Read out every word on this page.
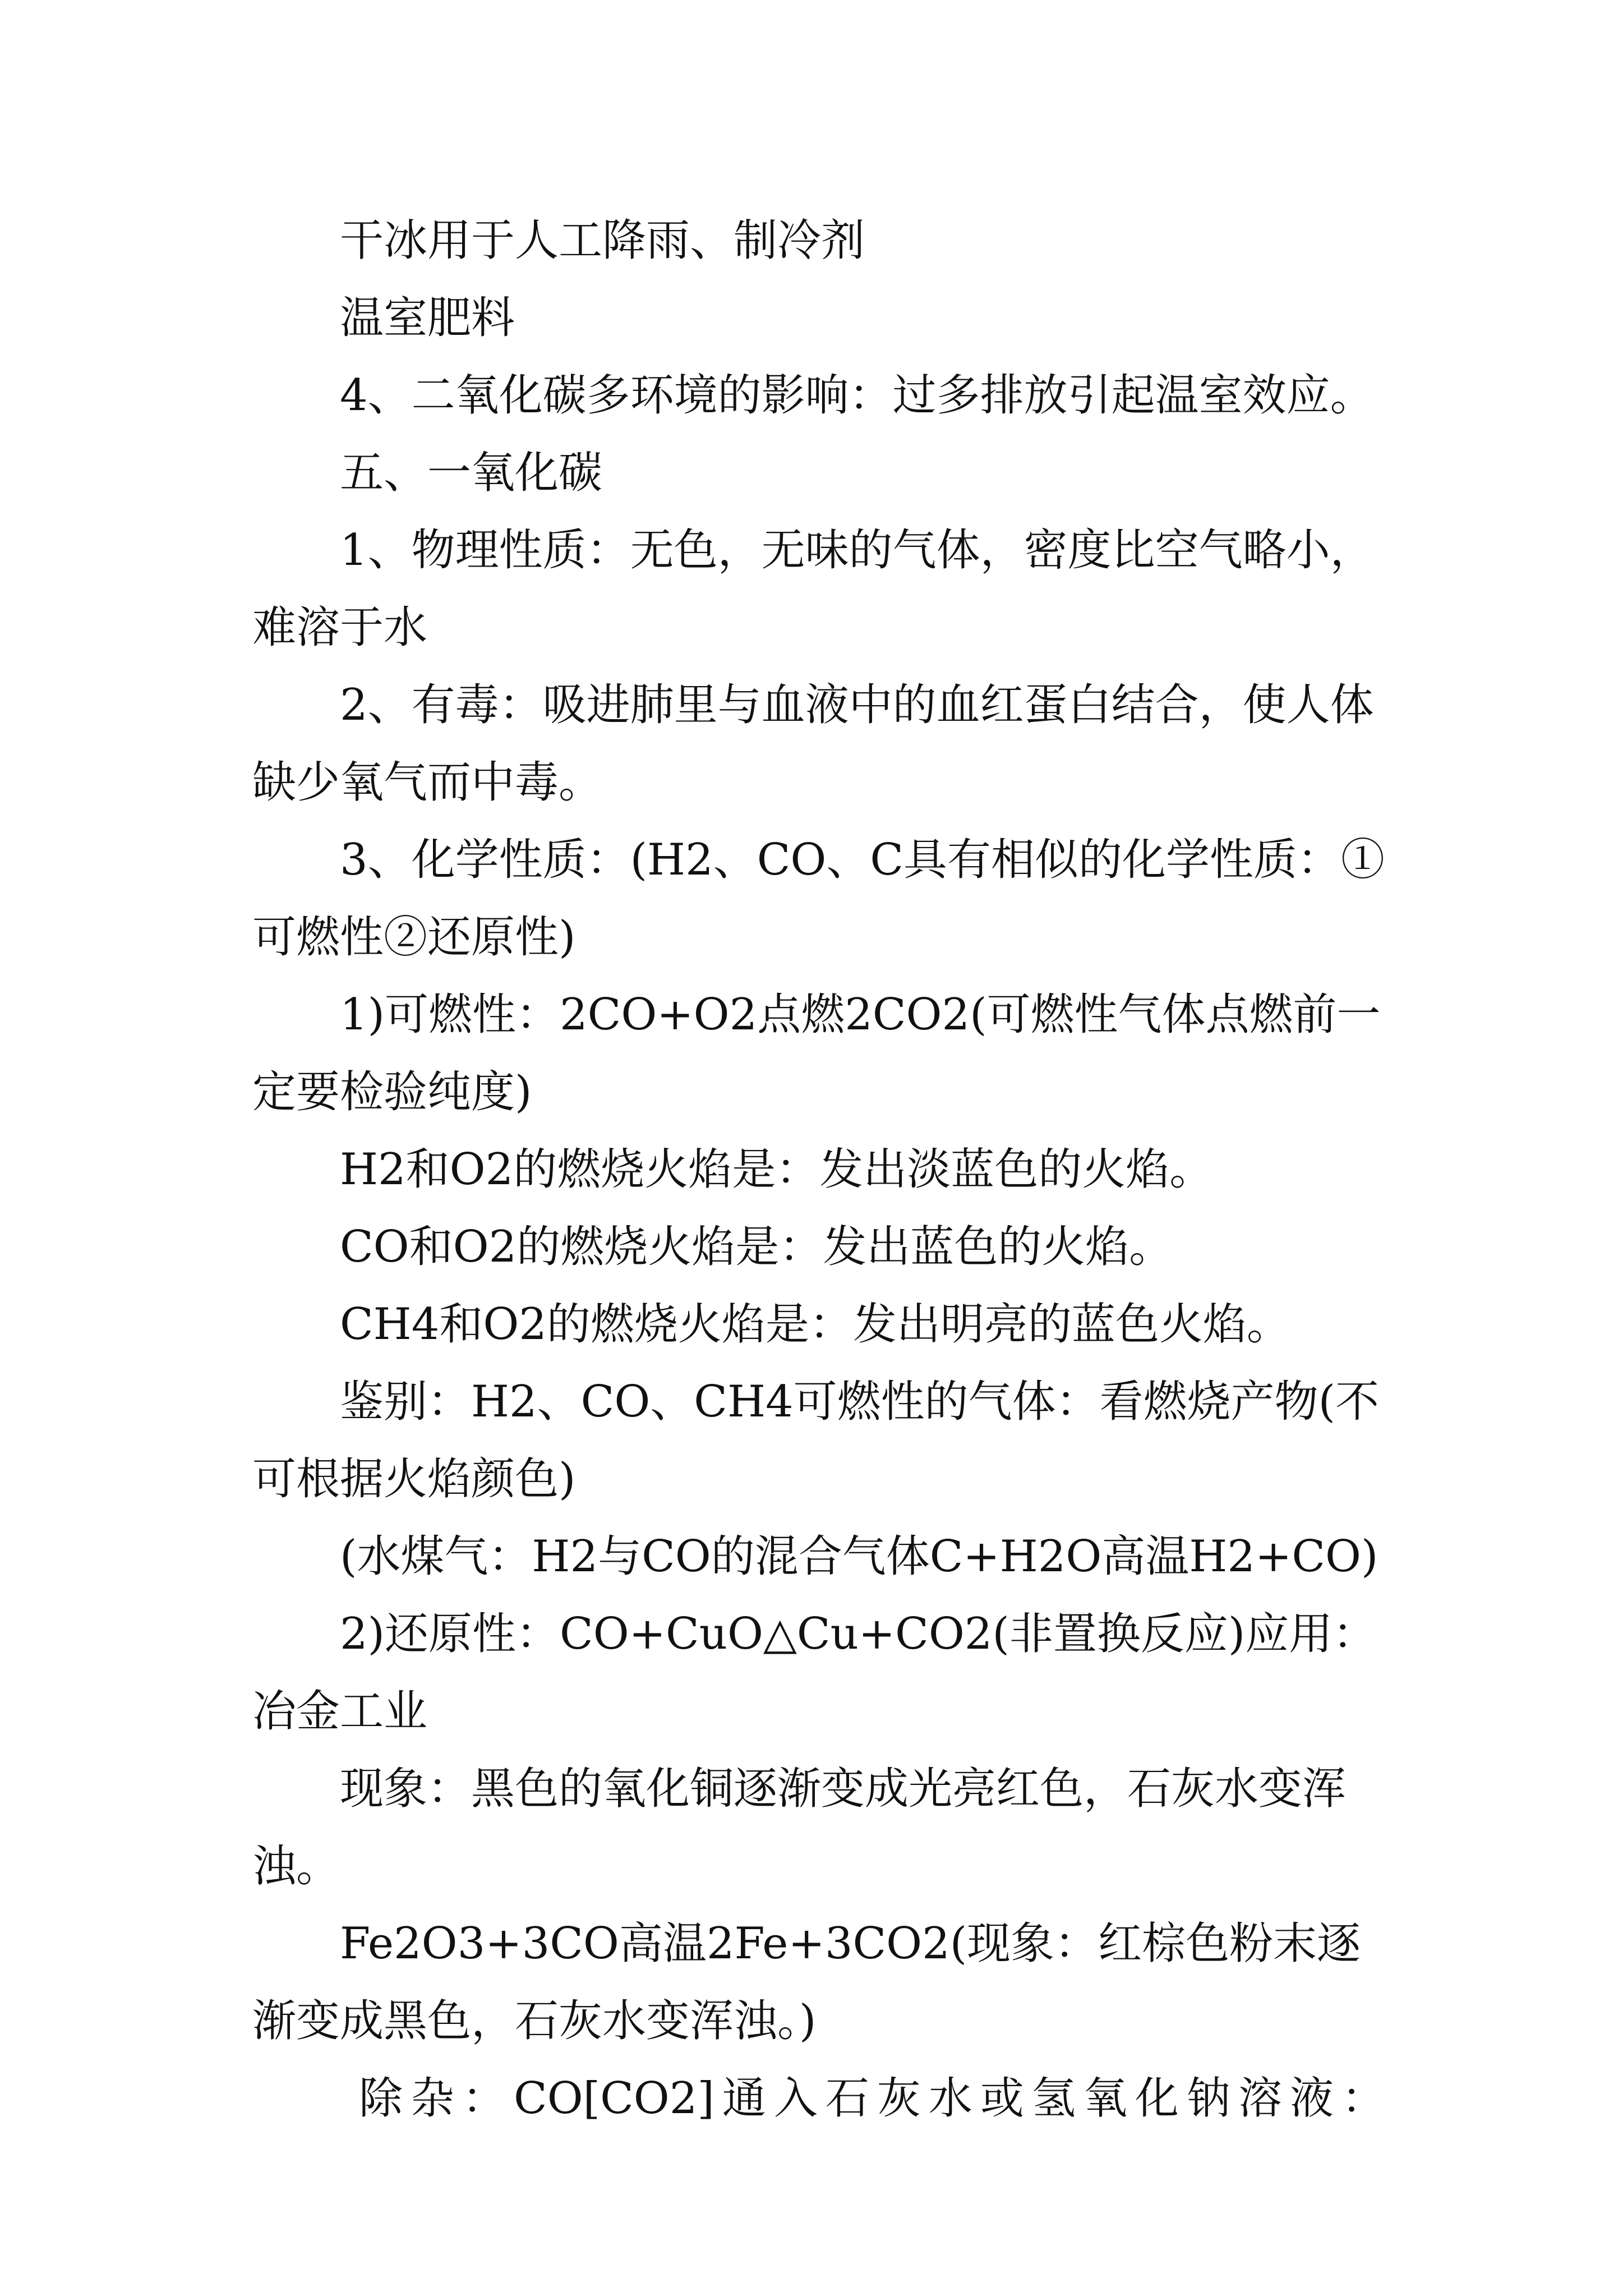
干冰用于人工降雨、制冷剂

温室肥料

4、二氧化碳多环境的影响：过多排放引起温室效应。

五、一氧化碳

1、物理性质：无色，无味的气体，密度比空气略小，难溶于水

2、有毒：吸进肺里与血液中的血红蛋白结合，使人体缺少氧气而中毒。

3、化学性质：(H2、CO、C具有相似的化学性质：①可燃性②还原性)

1)可燃性：2CO+O2点燃2CO2(可燃性气体点燃前一定要检验纯度)

H2和O2的燃烧火焰是：发出淡蓝色的火焰。

CO和O2的燃烧火焰是：发出蓝色的火焰。

CH4和O2的燃烧火焰是：发出明亮的蓝色火焰。

鉴别：H2、CO、CH4可燃性的气体：看燃烧产物(不可根据火焰颜色)

(水煤气：H2与CO的混合气体C+H2O高温H2+CO)

2)还原性：CO+CuO△Cu+CO2(非置换反应)应用：冶金工业

现象：黑色的氧化铜逐渐变成光亮红色，石灰水变浑浊。

Fe2O3+3CO高温2Fe+3CO2(现象：红棕色粉末逐渐变成黑色，石灰水变浑浊。)

除杂：CO[CO2]通入石灰水或氢氧化钠溶液：
